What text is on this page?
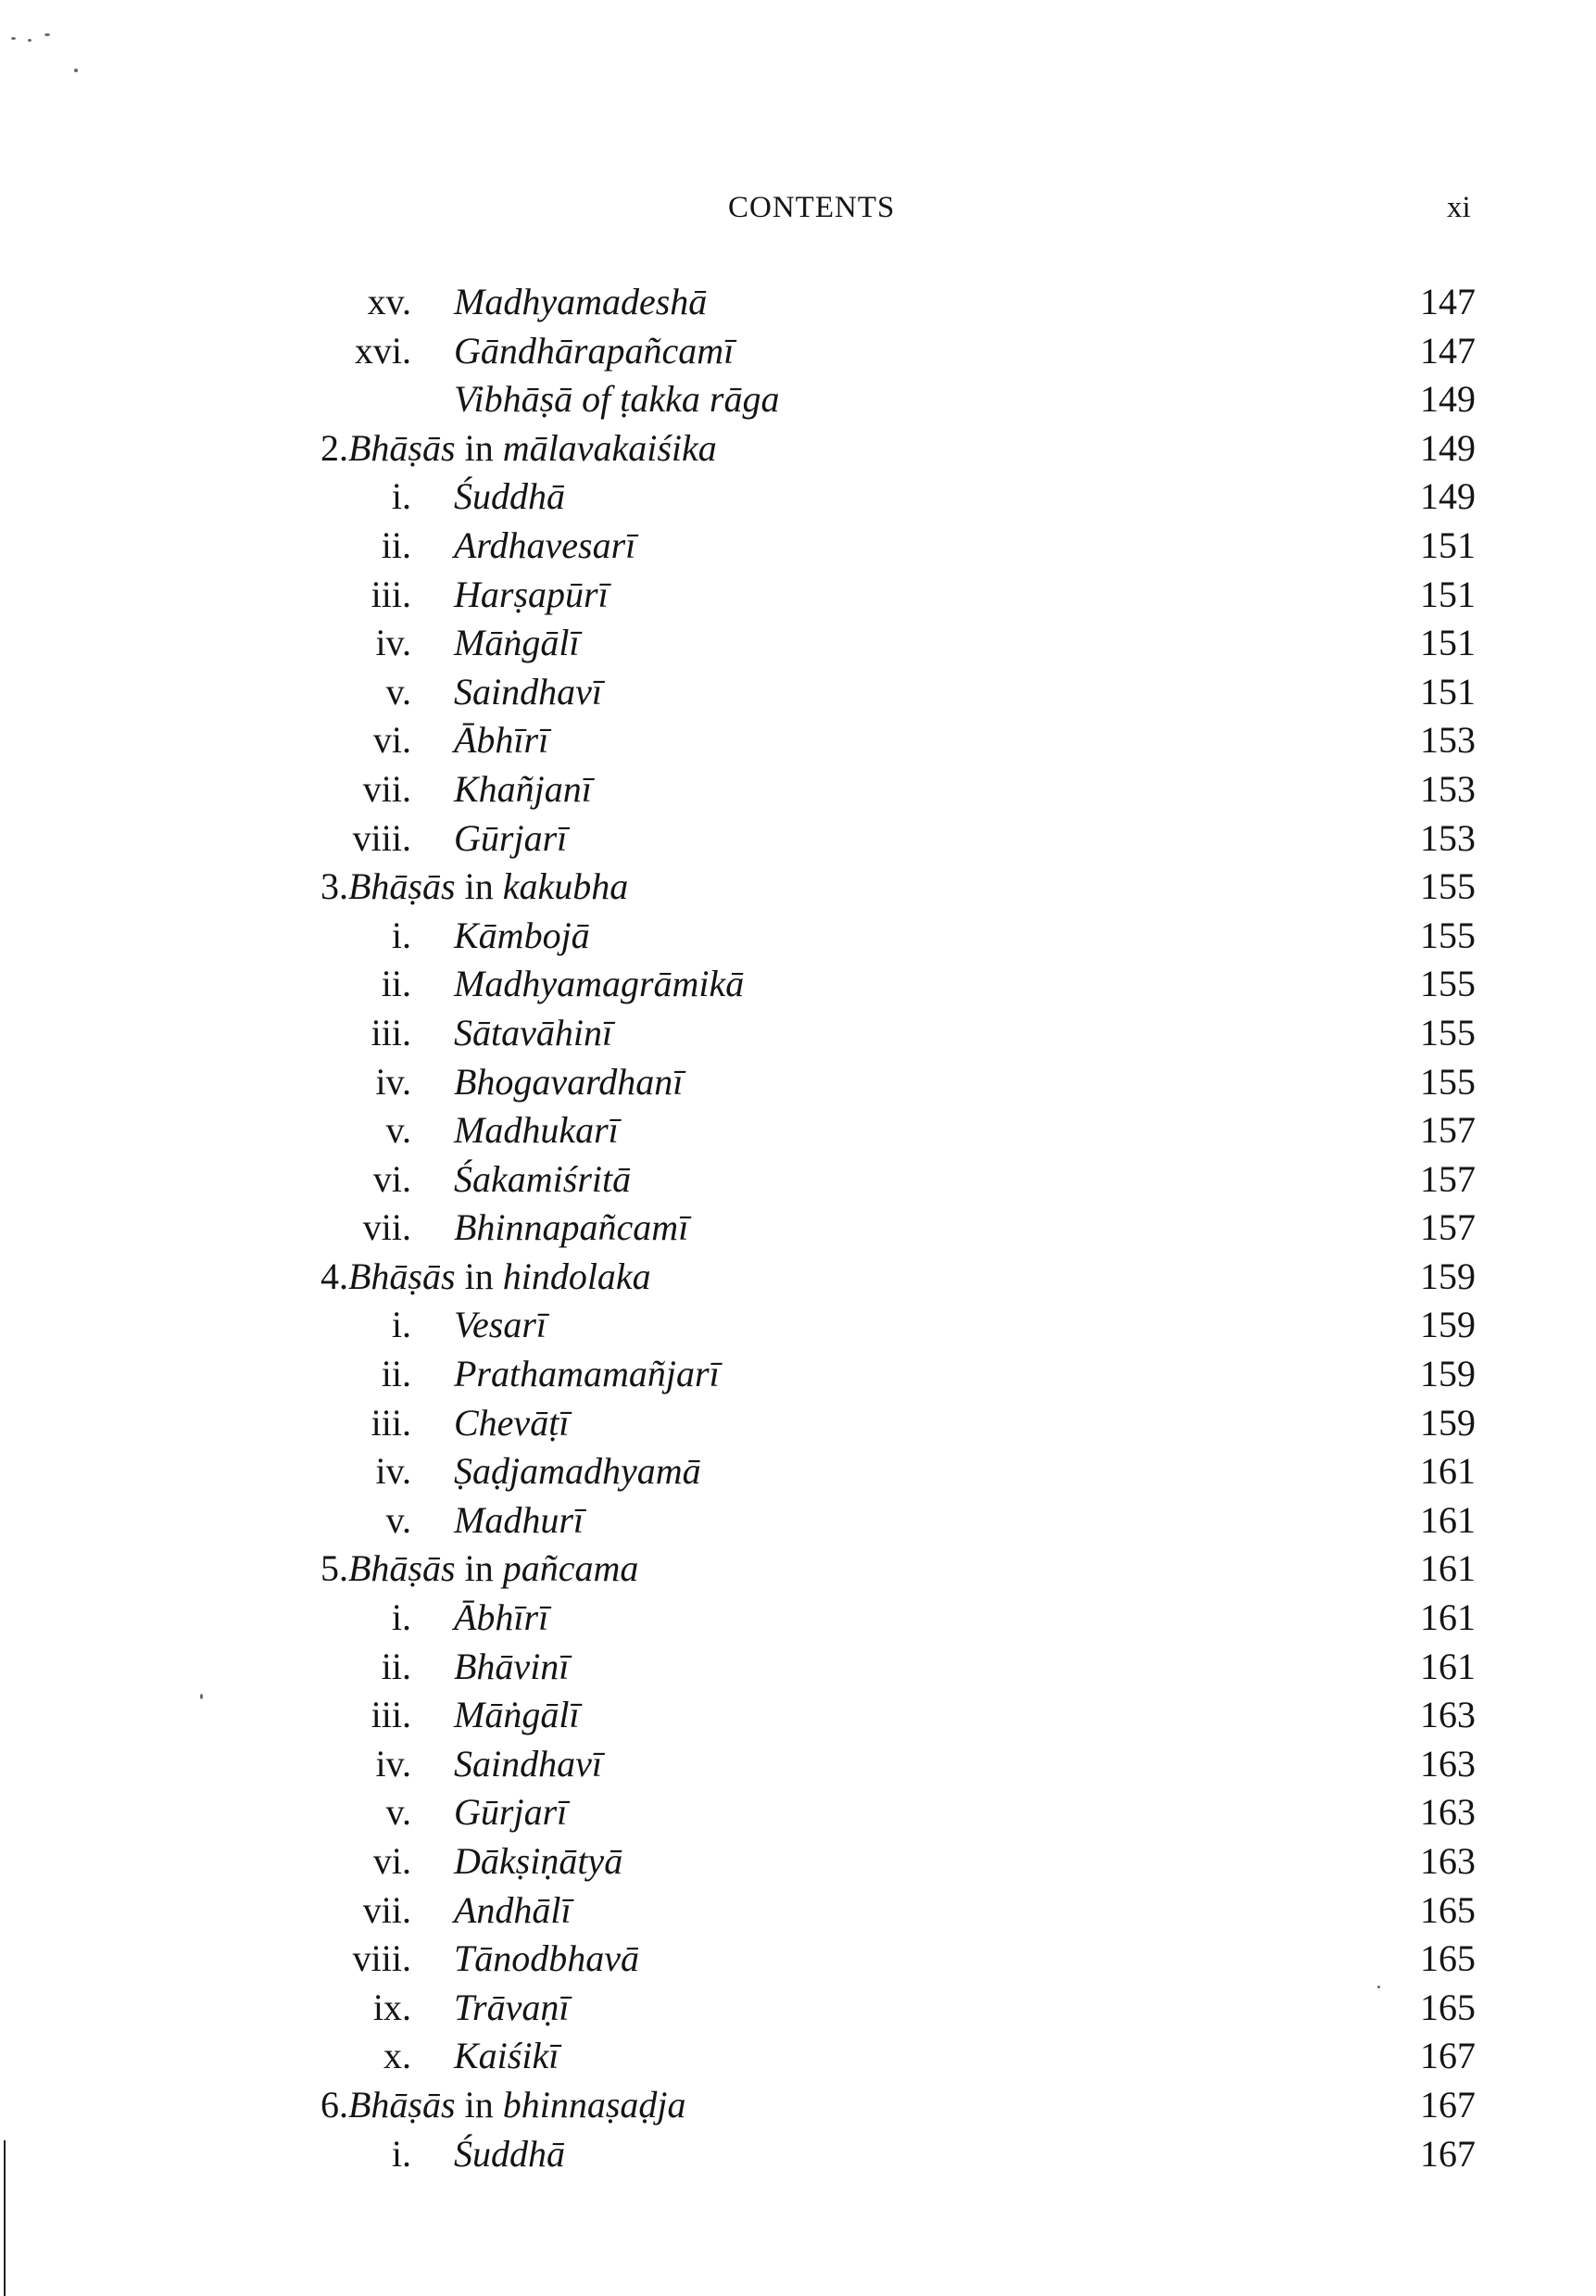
CONTENTS	xi
xv. Madhyamadeshā	147
xvi. Gāndhārapañcamī	147
Vibhāṣā of ṭakka rāga	149
2.Bhāṣās in mālavakaiśika	149
i. Śuddhā	149
ii. Ardhavesarī	151
iii. Harṣapūrī	151
iv. Māṅgālī	151
v. Saindhavī	151
vi. Ābhīrī	153
vii. Khañjanī	153
viii. Gūrjarī	153
3.Bhāṣās in kakubha	155
i. Kāmbojā	155
ii. Madhyamagrāmikā	155
iii. Sātavāhinī	155
iv. Bhogavardhanī	155
v. Madhukarī	157
vi. Śakamiśritā	157
vii. Bhinnapañcamī	157
4.Bhāṣās in hindolaka	159
i. Vesarī	159
ii. Prathamamañjarī	159
iii. Chevāṭī	159
iv. Ṣaḍjamadhyamā	161
v. Madhurī	161
5.Bhāṣās in pañcama	161
i. Ābhīrī	161
ii. Bhāvinī	161
iii. Māṅgālī	163
iv. Saindhavī	163
v. Gūrjarī	163
vi. Dākṣiṇātyā	163
vii. Andhālī	165
viii. Tānodbhavā	165
ix. Trāvaṇī	165
x. Kaiśikī	167
6.Bhāṣās in bhinnaṣaḍja	167
i. Śuddhā	167
